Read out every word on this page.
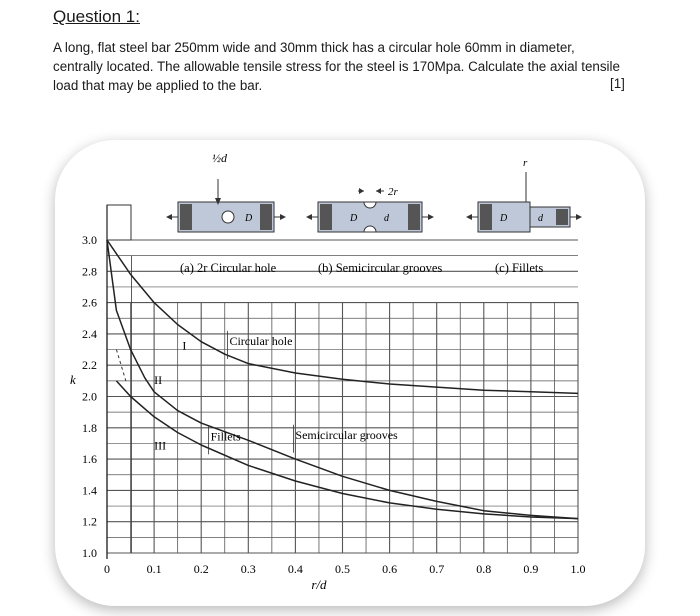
Question 1:
A long, flat steel bar 250mm wide and 30mm thick has a circular hole 60mm in diameter,
centrally located. The allowable tensile stress for the steel is 170Mpa. Calculate the axial tensile
load that may be applied to the bar.	[1]
½d
D
2r
D	d
r
D	d
(a) 2r Circular hole	(b) Semicircular grooves	(c) Fillets
0	0.1	0.2	0.3	0.4	0.5	0.6	0.7	0.8	0.9	1.0
1.0
1.2
1.4
1.6
1.8
2.0
2.2
2.4
2.6
2.8
3.0
r/d
k
Circular hole
Fillets	Semicircular grooves
I
II
III
